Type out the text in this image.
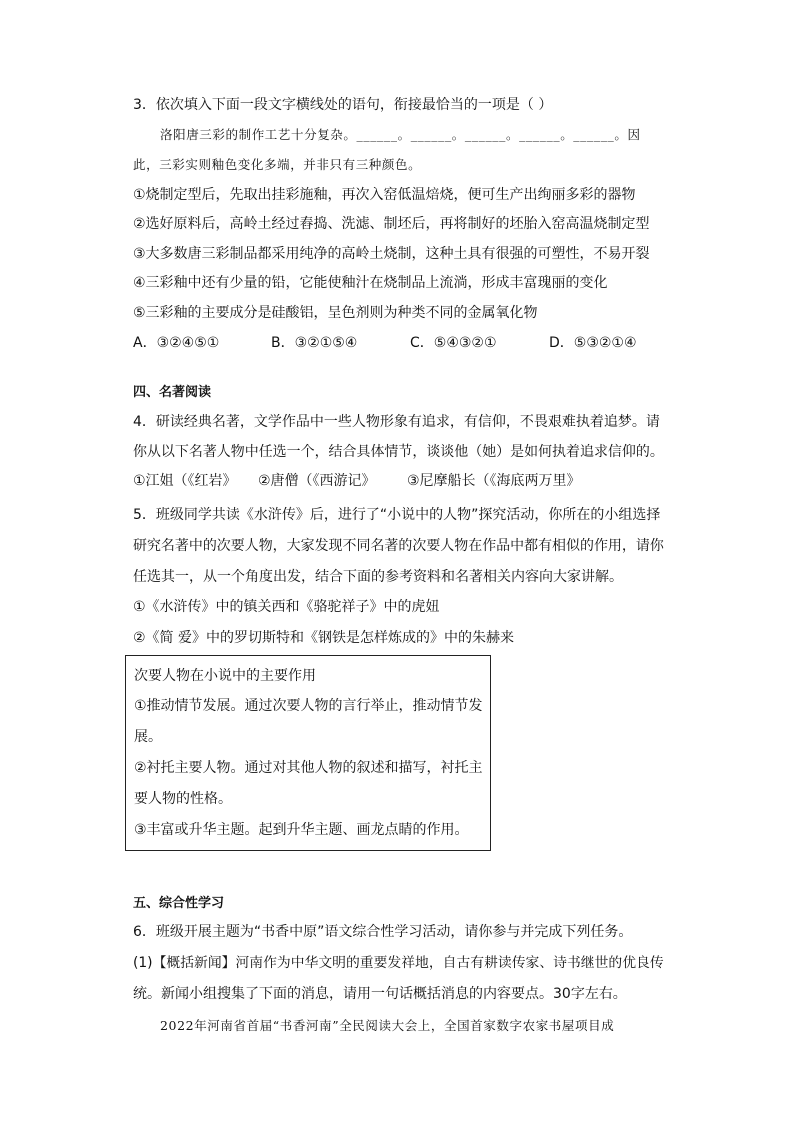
3．依次填入下面一段文字横线处的语句，衔接最恰当的一项是（ ）
洛阳唐三彩的制作工艺十分复杂。______。______。______。______。______。因
此，三彩实则釉色变化多端，并非只有三种颜色。
①烧制定型后，先取出挂彩施釉，再次入窑低温焙烧，便可生产出绚丽多彩的器物
②选好原料后，高岭土经过舂捣、洗滤、制坯后，再将制好的坯胎入窑高温烧制定型
③大多数唐三彩制品都采用纯净的高岭土烧制，这种土具有很强的可塑性，不易开裂
④三彩釉中还有少量的铅，它能使釉汁在烧制品上流淌，形成丰富瑰丽的变化
⑤三彩釉的主要成分是硅酸铝，呈色剂则为种类不同的金属氧化物
A．③②④⑤①	B．③②①⑤④	C．⑤④③②①	D．⑤③②①④
四、名著阅读
4．研读经典名著，文学作品中一些人物形象有追求，有信仰，不畏艰难执着追梦。请
你从以下名著人物中任选一个，结合具体情节，谈谈他（她）是如何执着追求信仰的。
①江姐（《红岩》 ②唐僧（《西游记》 ③尼摩船长（《海底两万里》
5．班级同学共读《水浒传》后，进行了“小说中的人物”探究活动，你所在的小组选择
研究名著中的次要人物，大家发现不同名著的次要人物在作品中都有相似的作用，请你
任选其一，从一个角度出发，结合下面的参考资料和名著相关内容向大家讲解。
①《水浒传》中的镇关西和《骆驼祥子》中的虎妞
②《简 爱》中的罗切斯特和《钢铁是怎样炼成的》中的朱赫来
次要人物在小说中的主要作用
①推动情节发展。通过次要人物的言行举止，推动情节发
展。
②衬托主要人物。通过对其他人物的叙述和描写，衬托主
要人物的性格。
③丰富或升华主题。起到升华主题、画龙点睛的作用。
五、综合性学习
6．班级开展主题为“书香中原”语文综合性学习活动，请你参与并完成下列任务。
(1)【概括新闻】河南作为中华文明的重要发祥地，自古有耕读传家、诗书继世的优良传
统。新闻小组搜集了下面的消息，请用一句话概括消息的内容要点。30字左右。
2022年河南省首届“书香河南”全民阅读大会上，全国首家数字农家书屋项目成
